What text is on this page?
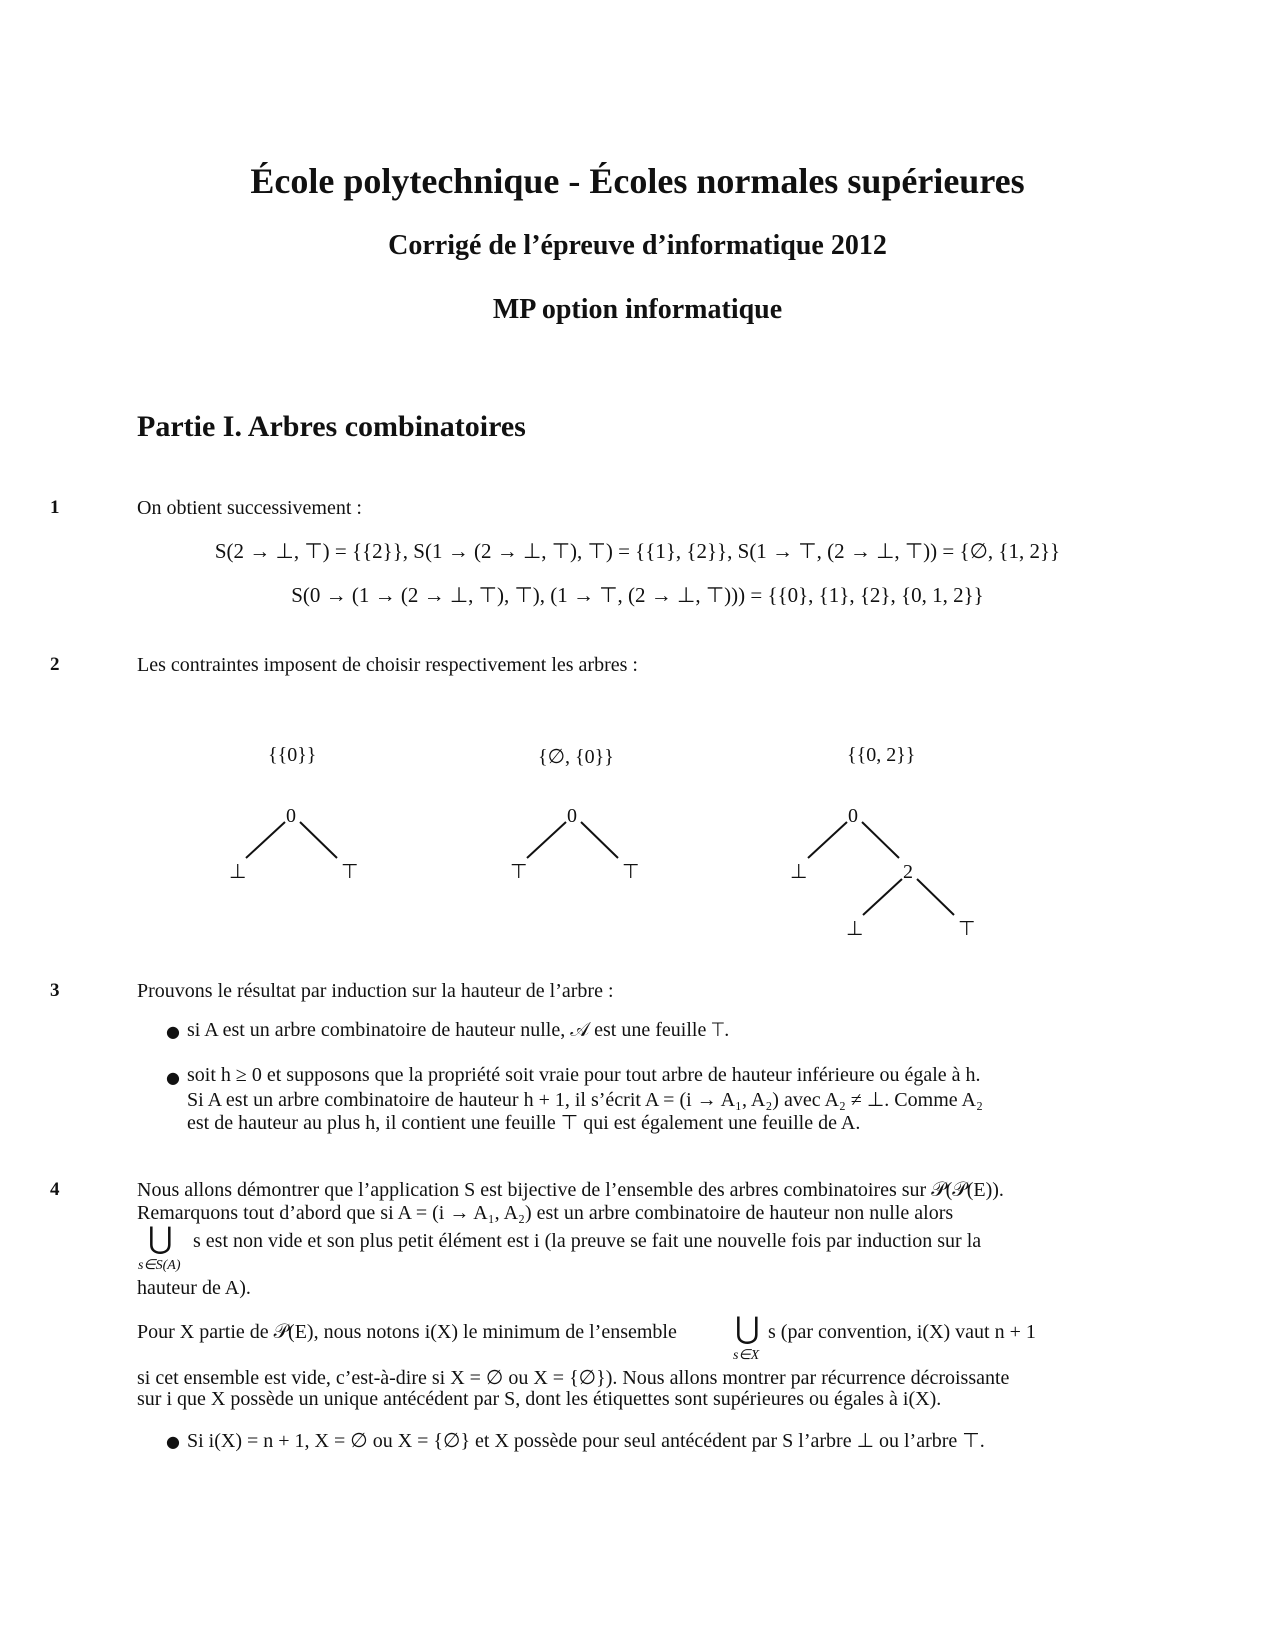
École polytechnique - Écoles normales supérieures
Corrigé de l’épreuve d’informatique 2012
MP option informatique
Partie I. Arbres combinatoires
1	On obtient successivement :
S(2 → ⊥, ⊤) = {{2}}, S(1 → (2 → ⊥, ⊤), ⊤) = {{1}, {2}}, S(1 → ⊤, (2 → ⊥, ⊤)) = {∅, {1, 2}}
S(0 → (1 → (2 → ⊥, ⊤), ⊤), (1 → ⊤, (2 → ⊥, ⊤))) = {{0}, {1}, {2}, {0, 1, 2}}
2	Les contraintes imposent de choisir respectivement les arbres :
{{0}}
0
⊥	⊤
{∅, {0}}
0
⊤	⊤
{{0, 2}}
0
⊥	2
⊥	⊤
3	Prouvons le résultat par induction sur la hauteur de l’arbre :
● si A est un arbre combinatoire de hauteur nulle, 𝒜 est une feuille ⊤.
● soit h ≥ 0 et supposons que la propriété soit vraie pour tout arbre de hauteur inférieure ou égale à h.
Si A est un arbre combinatoire de hauteur h + 1, il s’écrit A = (i → A₁, A₂) avec A₂ ≠ ⊥. Comme A₂
est de hauteur au plus h, il contient une feuille ⊤ qui est également une feuille de A.
4	Nous allons démontrer que l’application S est bijective de l’ensemble des arbres combinatoires sur 𝒫(𝒫(E)).
Remarquons tout d’abord que si A = (i → A₁, A₂) est un arbre combinatoire de hauteur non nulle alors
⋃
s∈S(A)
s est non vide et son plus petit élément est i (la preuve se fait une nouvelle fois par induction sur la
hauteur de A).
Pour X partie de 𝒫(E), nous notons i(X) le minimum de l’ensemble ⋃
s∈X
s (par convention, i(X) vaut n + 1
si cet ensemble est vide, c’est-à-dire si X = ∅ ou X = {∅}). Nous allons montrer par récurrence décroissante
sur i que X possède un unique antécédent par S, dont les étiquettes sont supérieures ou égales à i(X).
● Si i(X) = n + 1, X = ∅ ou X = {∅} et X possède pour seul antécédent par S l’arbre ⊥ ou l’arbre ⊤.
